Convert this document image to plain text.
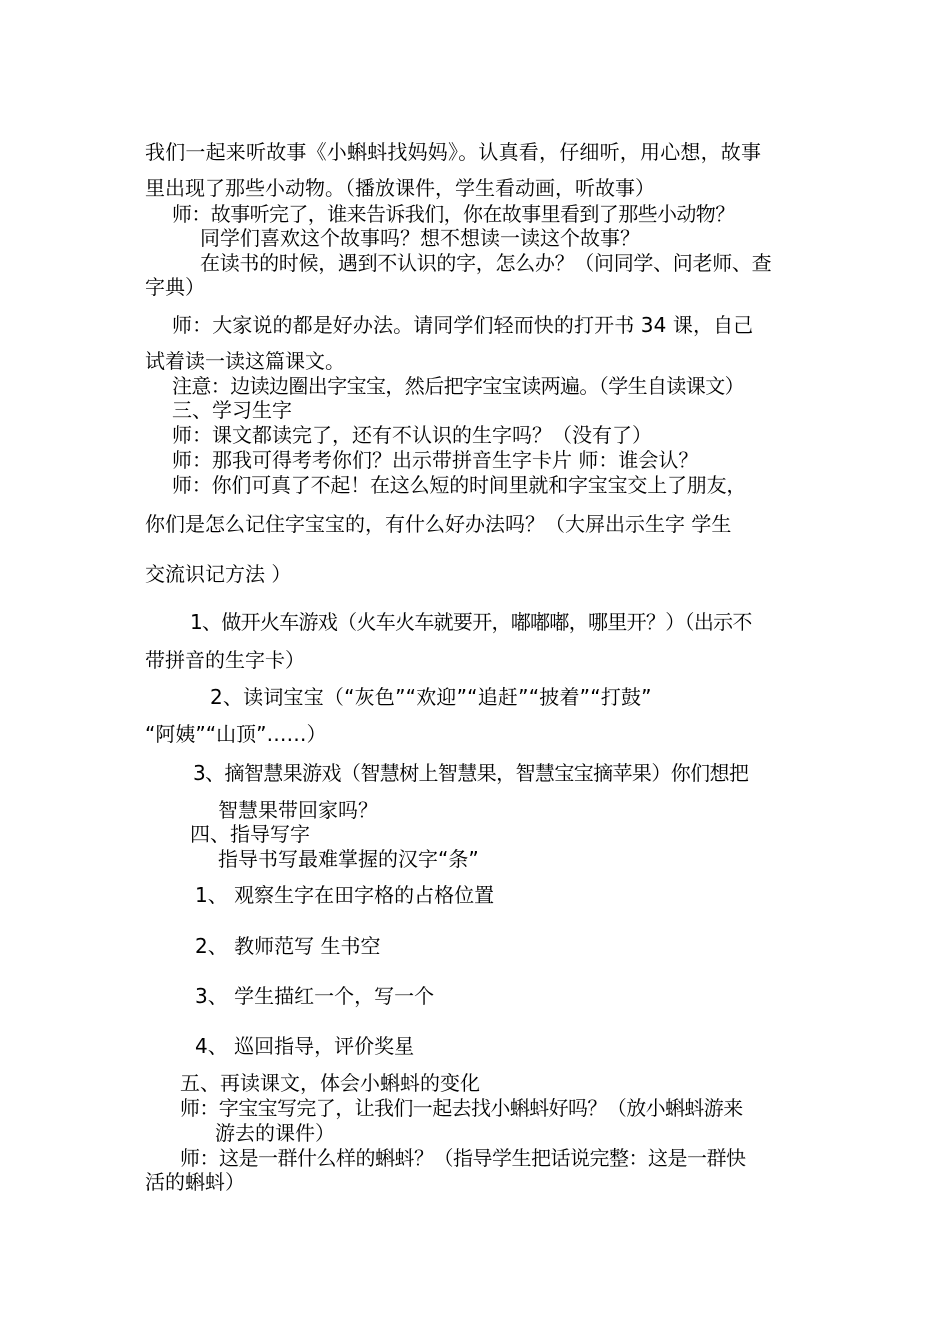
我们一起来听故事《小蝌蚪找妈妈》。认真看，仔细听，用心想，故事
里出现了那些小动物。（播放课件，学生看动画，听故事）
师：故事听完了，谁来告诉我们，你在故事里看到了那些小动物？
同学们喜欢这个故事吗？想不想读一读这个故事？
在读书的时候，遇到不认识的字，怎么办？（问同学、问老师、查
字典）
师：大家说的都是好办法。请同学们轻而快的打开书 34 课，自己
试着读一读这篇课文。
注意：边读边圈出字宝宝，然后把字宝宝读两遍。（学生自读课文）
三、学习生字
师：课文都读完了，还有不认识的生字吗？（没有了）
师：那我可得考考你们？出示带拼音生字卡片 师：谁会认？
师：你们可真了不起！在这么短的时间里就和字宝宝交上了朋友，
你们是怎么记住字宝宝的，有什么好办法吗？（大屏出示生字 学生
交流识记方法 ）
1、做开火车游戏（火车火车就要开，嘟嘟嘟，哪里开？）（出示不
带拼音的生字卡）
2、读词宝宝（“灰色”“欢迎”“追赶”“披着”“打鼓”
“阿姨”“山顶”……）
3、摘智慧果游戏（智慧树上智慧果，智慧宝宝摘苹果）你们想把
智慧果带回家吗？
四、指导写字
指导书写最难掌握的汉字“条”
1、 观察生字在田字格的占格位置
2、 教师范写 生书空
3、 学生描红一个，写一个
4、 巡回指导，评价奖星
五、再读课文，体会小蝌蚪的变化
师：字宝宝写完了，让我们一起去找小蝌蚪好吗？（放小蝌蚪游来
游去的课件）
师：这是一群什么样的蝌蚪？（指导学生把话说完整：这是一群快
活的蝌蚪）
